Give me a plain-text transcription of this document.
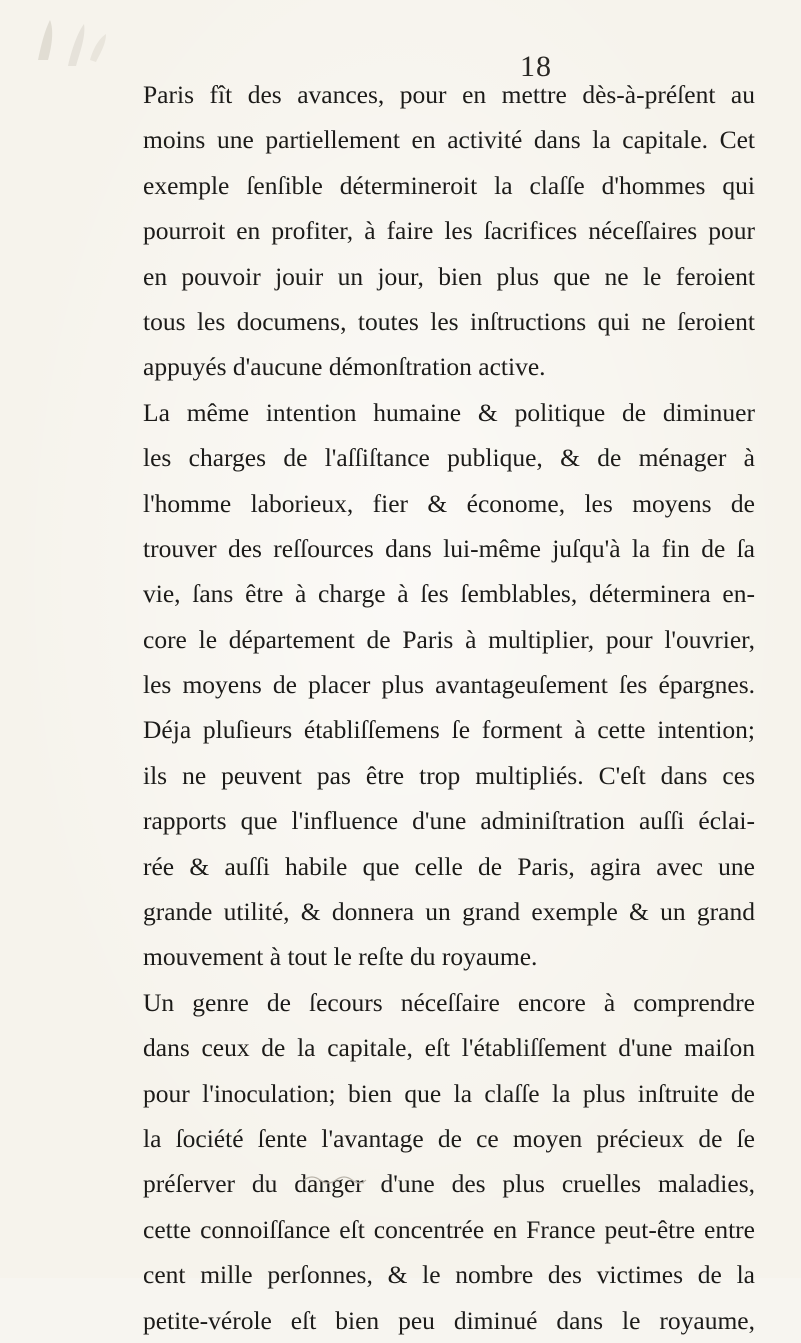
18
Paris fît des avances, pour en mettre dès-à-préſent au
moins une partiellement en activité dans la capitale. Cet
exemple ſenſible détermineroit la claſſe d'hommes qui
pourroit en profiter, à faire les ſacrifices néceſſaires pour
en pouvoir jouir un jour, bien plus que ne le feroient
tous les documens, toutes les inſtructions qui ne ſeroient
appuyés d'aucune démonſtration active.
La même intention humaine & politique de diminuer
les charges de l'aſſiſtance publique, & de ménager à
l'homme laborieux, fier & économe, les moyens de
trouver des reſſources dans lui-même juſqu'à la fin de ſa
vie, ſans être à charge à ſes ſemblables, déterminera en-
core le département de Paris à multiplier, pour l'ouvrier,
les moyens de placer plus avantageuſement ſes épargnes.
Déja pluſieurs établiſſemens ſe forment à cette intention;
ils ne peuvent pas être trop multipliés. C'eſt dans ces
rapports que l'influence d'une adminiſtration auſſi éclai-
rée & auſſi habile que celle de Paris, agira avec une
grande utilité, & donnera un grand exemple & un grand
mouvement à tout le reſte du royaume.
Un genre de ſecours néceſſaire encore à comprendre
dans ceux de la capitale, eſt l'établiſſement d'une maiſon
pour l'inoculation; bien que la claſſe la plus inſtruite de
la ſociété ſente l'avantage de ce moyen précieux de ſe
préſerver du danger d'une des plus cruelles maladies,
cette connoiſſance eſt concentrée en France peut-être entre
cent mille perſonnes, & le nombre des victimes de la
petite-vérole eſt bien peu diminué dans le royaume,
